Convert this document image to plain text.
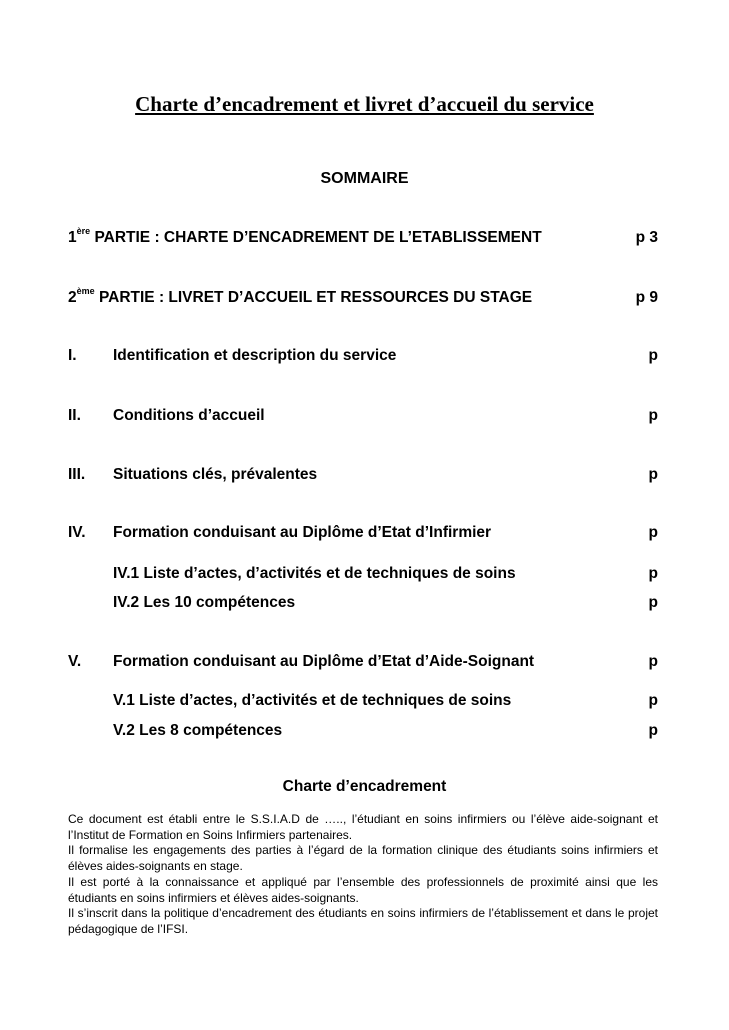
Charte d’encadrement et livret d’accueil du service
SOMMAIRE
1ère PARTIE : CHARTE D’ENCADREMENT DE L’ETABLISSEMENT	p 3
2ème PARTIE : LIVRET D’ACCUEIL ET RESSOURCES DU STAGE	p 9
I. Identification et description du service	p
II. Conditions d’accueil	p
III. Situations clés, prévalentes	p
IV. Formation conduisant au Diplôme d’Etat d’Infirmier	p
IV.1 Liste d’actes, d’activités et de techniques de soins	p
IV.2 Les 10 compétences	p
V. Formation conduisant au Diplôme d’Etat d’Aide-Soignant	p
V.1 Liste d’actes, d’activités et de techniques de soins	p
V.2 Les 8 compétences	p
Charte d’encadrement

Ce document est établi entre le S.S.I.A.D de ….., l’étudiant en soins infirmiers ou l’élève aide-soignant et l’Institut de Formation en Soins Infirmiers partenaires.

Il formalise les engagements des parties à l’égard de la formation clinique des étudiants soins infirmiers et élèves aides-soignants en stage.

Il est porté à la connaissance et appliqué par l’ensemble des professionnels de proximité ainsi que les étudiants en soins infirmiers et élèves aides-soignants.

Il s’inscrit dans la politique d’encadrement des étudiants en soins infirmiers de l’établissement et dans le projet pédagogique de l’IFSI.
